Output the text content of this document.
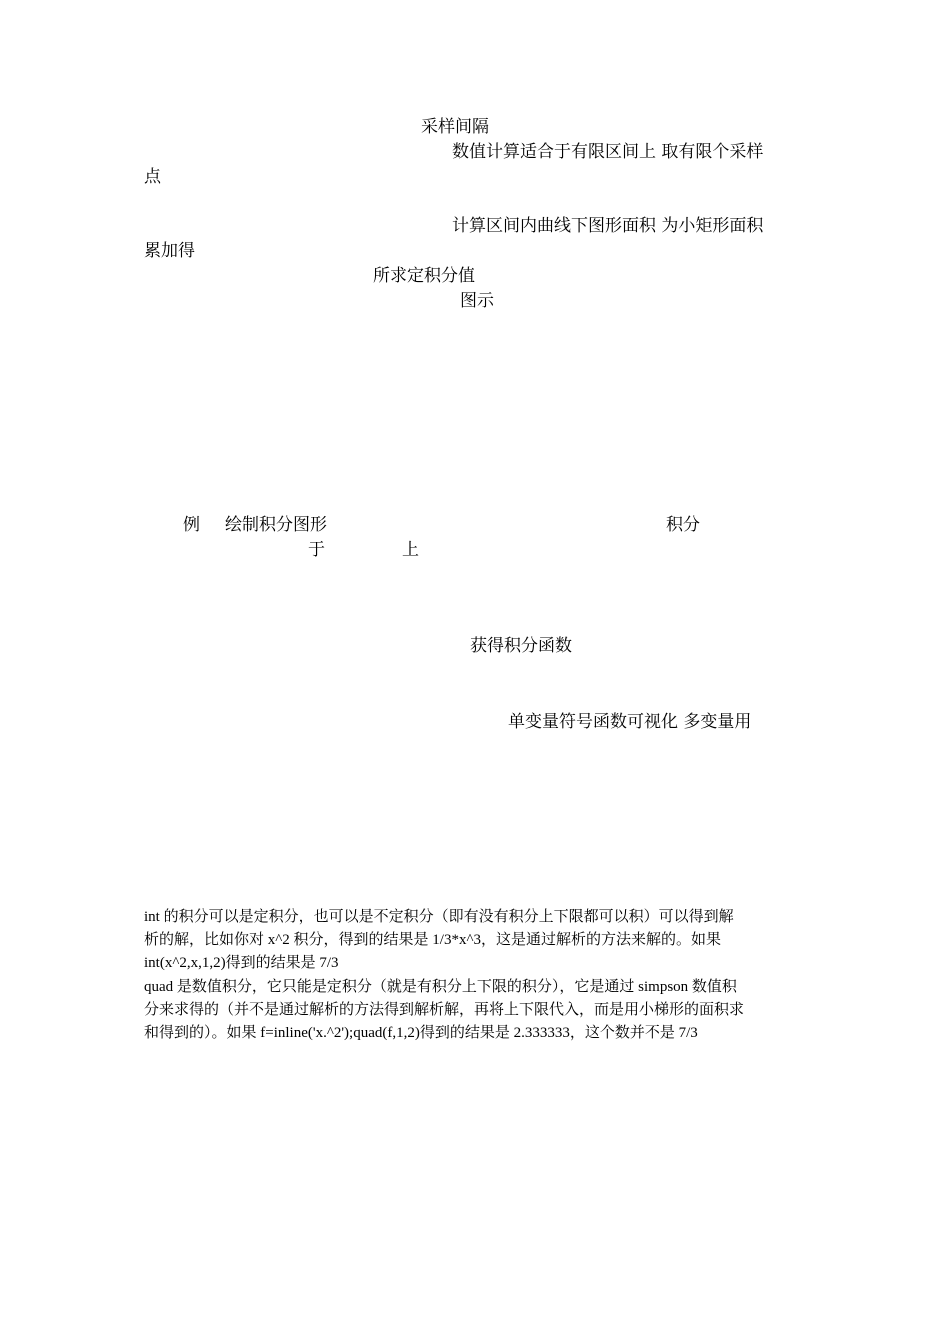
采样间隔
数值计算适合于有限区间上 取有限个采样
点
计算区间内曲线下图形面积 为小矩形面积
累加得
所求定积分值
图示
例 绘制积分图形	积分
于	上
获得积分函数
单变量符号函数可视化 多变量用
int 的积分可以是定积分，也可以是不定积分（即有没有积分上下限都可以积）可以得到解
析的解，比如你对 x^2 积分，得到的结果是 1/3*x^3，这是通过解析的方法来解的。如果
int(x^2,x,1,2)得到的结果是 7/3
quad 是数值积分，它只能是定积分（就是有积分上下限的积分），它是通过 simpson 数值积
分来求得的（并不是通过解析的方法得到解析解，再将上下限代入，而是用小梯形的面积求
和得到的）。如果 f=inline('x.^2');quad(f,1,2)得到的结果是 2.333333，这个数并不是 7/3
